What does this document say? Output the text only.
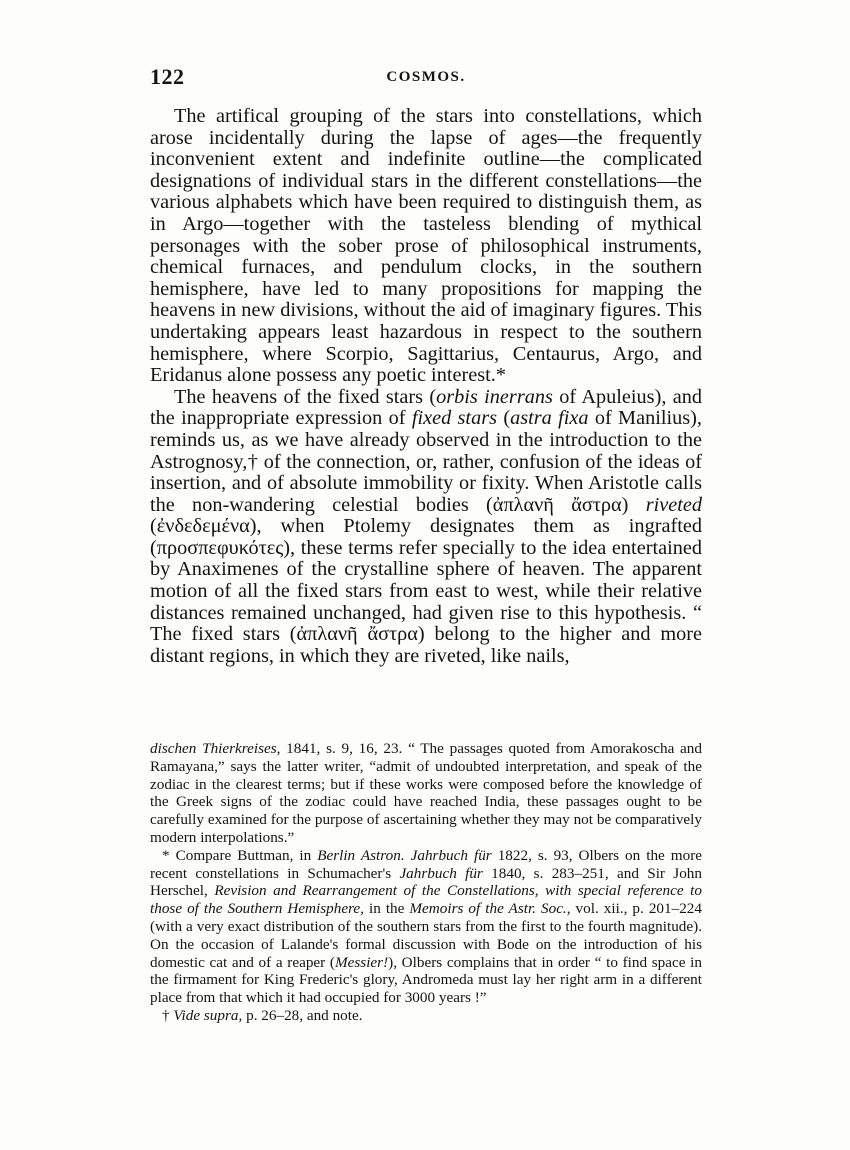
122	COSMOS.

The artifical grouping of the stars into constellations, which arose incidentally during the lapse of ages—the frequently inconvenient extent and indefinite outline—the complicated designations of individual stars in the different constellations—the various alphabets which have been required to distinguish them, as in Argo—together with the tasteless blending of mythical personages with the sober prose of philosophical instruments, chemical furnaces, and pendulum clocks, in the southern hemisphere, have led to many propositions for mapping the heavens in new divisions, without the aid of imaginary figures. This undertaking appears least hazardous in respect to the southern hemisphere, where Scorpio, Sagittarius, Centaurus, Argo, and Eridanus alone possess any poetic interest.*

The heavens of the fixed stars (orbis inerrans of Apuleius), and the inappropriate expression of fixed stars (astra fixa of Manilius), reminds us, as we have already observed in the introduction to the Astrognosy,† of the connection, or, rather, confusion of the ideas of insertion, and of absolute immobility or fixity. When Aristotle calls the non-wandering celestial bodies (ἀπλανῆ ἄστρα) riveted (ἐνδεδεμένα), when Ptolemy designates them as ingrafted (προσπεφυκότες), these terms refer specially to the idea entertained by Anaximenes of the crystalline sphere of heaven. The apparent motion of all the fixed stars from east to west, while their relative distances remained unchanged, had given rise to this hypothesis. “ The fixed stars (ἀπλανῆ ἄστρα) belong to the higher and more distant regions, in which they are riveted, like nails,

dischen Thierkreises, 1841, s. 9, 16, 23. “ The passages quoted from Amorakoscha and Ramayana,” says the latter writer, “admit of undoubted interpretation, and speak of the zodiac in the clearest terms; but if these works were composed before the knowledge of the Greek signs of the zodiac could have reached India, these passages ought to be carefully examined for the purpose of ascertaining whether they may not be comparatively modern interpolations.”

* Compare Buttman, in Berlin Astron. Jahrbuch für 1822, s. 93, Olbers on the more recent constellations in Schumacher's Jahrbuch für 1840, s. 283–251, and Sir John Herschel, Revision and Rearrangement of the Constellations, with special reference to those of the Southern Hemisphere, in the Memoirs of the Astr. Soc., vol. xii., p. 201–224 (with a very exact distribution of the southern stars from the first to the fourth magnitude). On the occasion of Lalande's formal discussion with Bode on the introduction of his domestic cat and of a reaper (Messier!), Olbers complains that in order “ to find space in the firmament for King Frederic's glory, Andromeda must lay her right arm in a different place from that which it had occupied for 3000 years !”

† Vide supra, p. 26–28, and note.
